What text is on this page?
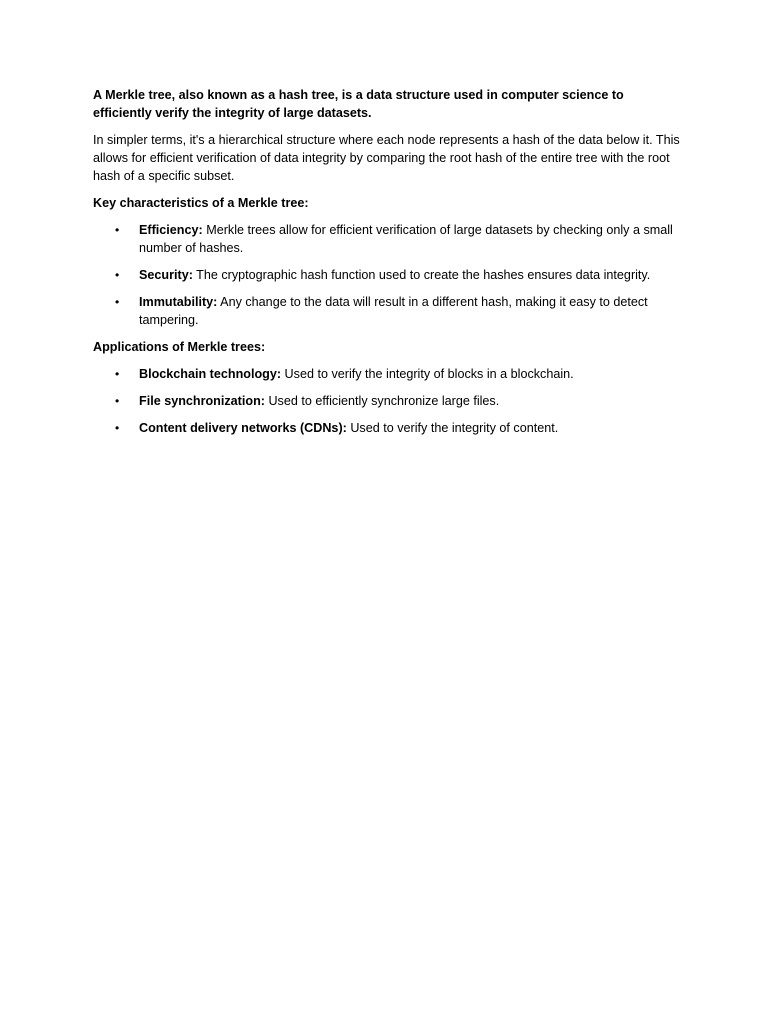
A Merkle tree, also known as a hash tree, is a data structure used in computer science to efficiently verify the integrity of large datasets.

In simpler terms, it's a hierarchical structure where each node represents a hash of the data below it. This allows for efficient verification of data integrity by comparing the root hash of the entire tree with the root hash of a specific subset.

Key characteristics of a Merkle tree:

• Efficiency: Merkle trees allow for efficient verification of large datasets by checking only a small number of hashes.
• Security: The cryptographic hash function used to create the hashes ensures data integrity.
• Immutability: Any change to the data will result in a different hash, making it easy to detect tampering.

Applications of Merkle trees:

• Blockchain technology: Used to verify the integrity of blocks in a blockchain.
• File synchronization: Used to efficiently synchronize large files.
• Content delivery networks (CDNs): Used to verify the integrity of content.
